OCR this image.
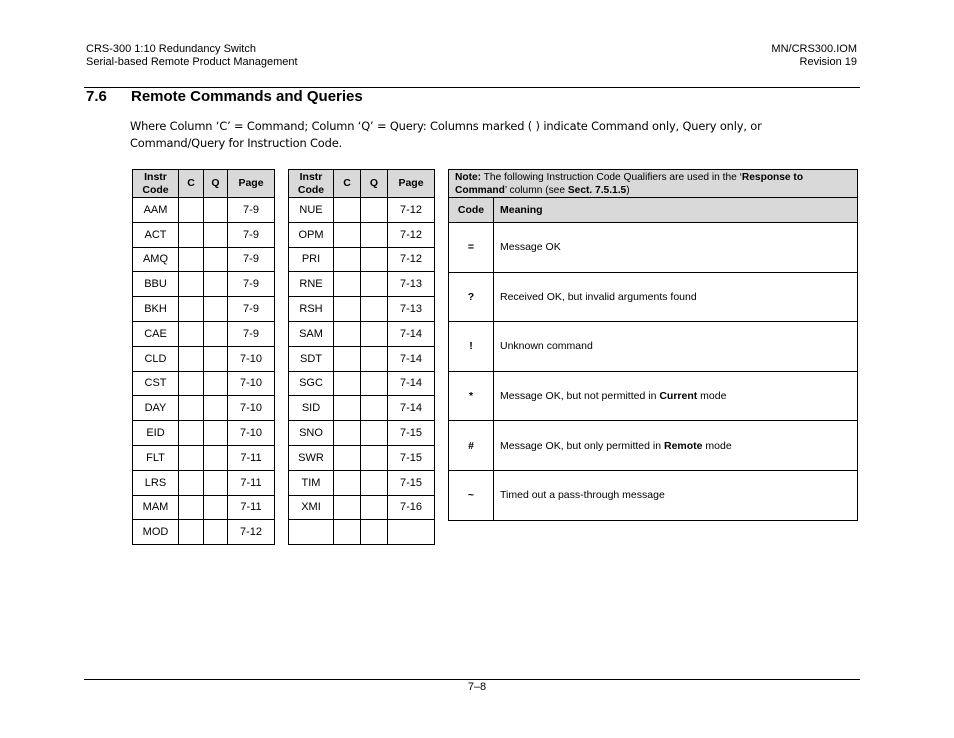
CRS-300 1:10 Redundancy Switch
Serial-based Remote Product Management
MN/CRS300.IOM
Revision 19
7.6 Remote Commands and Queries
Where Column ‘C’ = Command; Column ‘Q’ = Query: Columns marked ( ) indicate Command only, Query only, or Command/Query for Instruction Code.
Instr
Code	C	Q	Page
AAM			7-9
ACT			7-9
AMQ			7-9
BBU			7-9
BKH			7-9
CAE			7-9
CLD			7-10
CST			7-10
DAY			7-10
EID			7-10
FLT			7-11
LRS			7-11
MAM			7-11
MOD			7-12
Instr
Code	C	Q	Page
NUE			7-12
OPM			7-12
PRI			7-12
RNE			7-13
RSH			7-13
SAM			7-14
SDT			7-14
SGC			7-14
SID			7-14
SNO			7-15
SWR			7-15
TIM			7-15
XMI			7-16

Note: The following Instruction Code Qualifiers are used in the ‘Response to Command’ column (see Sect. 7.5.1.5)	
Code	Meaning
=	Message OK
?	Received OK, but invalid arguments found
!	Unknown command
*	Message OK, but not permitted in Current mode
#	Message OK, but only permitted in Remote mode
~	Timed out a pass-through message
7–8
